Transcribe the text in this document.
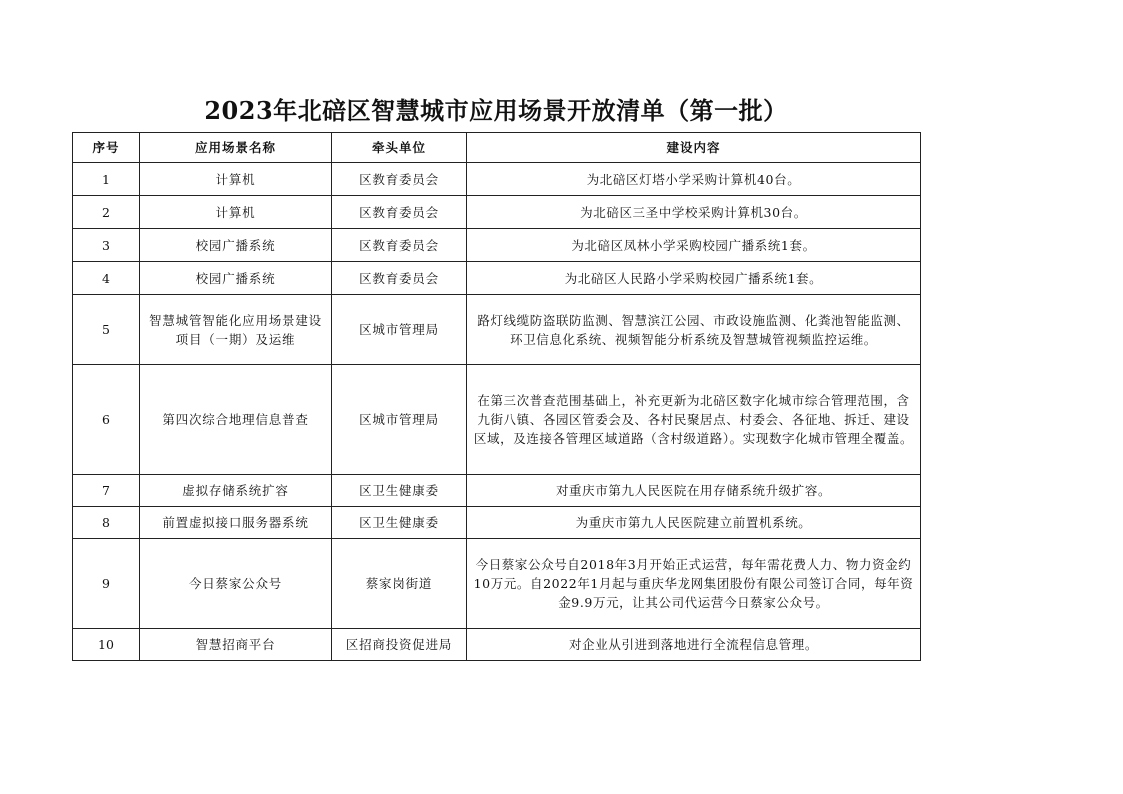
2023年北碚区智慧城市应用场景开放清单（第一批）
序号	应用场景名称	牵头单位	建设内容
1	计算机	区教育委员会	为北碚区灯塔小学采购计算机40台。
2	计算机	区教育委员会	为北碚区三圣中学校采购计算机30台。
3	校园广播系统	区教育委员会	为北碚区凤林小学采购校园广播系统1套。
4	校园广播系统	区教育委员会	为北碚区人民路小学采购校园广播系统1套。
5	智慧城管智能化应用场景建设项目（一期）及运维	区城市管理局	路灯线缆防盗联防监测、智慧滨江公园、市政设施监测、化粪池智能监测、环卫信息化系统、视频智能分析系统及智慧城管视频监控运维。
6	第四次综合地理信息普查	区城市管理局	在第三次普查范围基础上，补充更新为北碚区数字化城市综合管理范围，含九街八镇、各园区管委会及、各村民聚居点、村委会、各征地、拆迁、建设区域，及连接各管理区域道路（含村级道路）。实现数字化城市管理全覆盖。
7	虚拟存储系统扩容	区卫生健康委	对重庆市第九人民医院在用存储系统升级扩容。
8	前置虚拟接口服务器系统	区卫生健康委	为重庆市第九人民医院建立前置机系统。
9	今日蔡家公众号	蔡家岗街道	今日蔡家公众号自2018年3月开始正式运营，每年需花费人力、物力资金约10万元。自2022年1月起与重庆华龙网集团股份有限公司签订合同，每年资金9.9万元，让其公司代运营今日蔡家公众号。
10	智慧招商平台	区招商投资促进局	对企业从引进到落地进行全流程信息管理。
